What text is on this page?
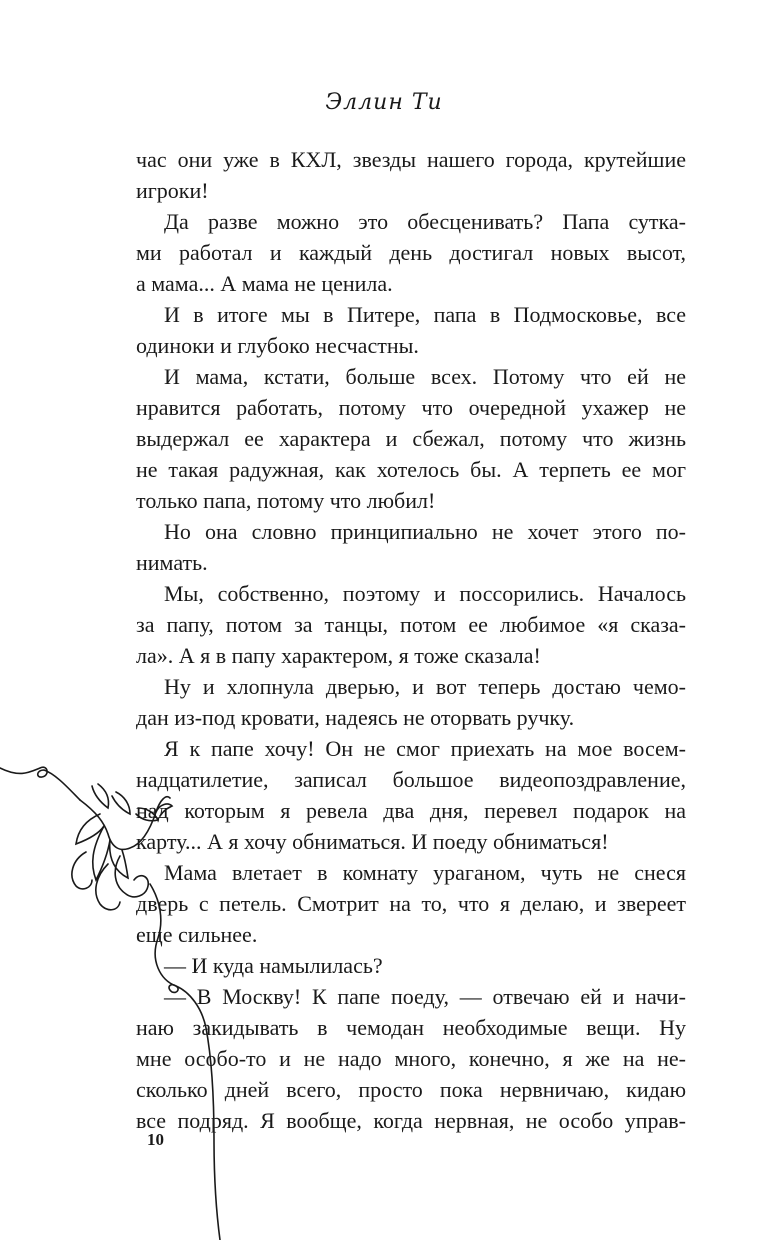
Эллин Ти
час они уже в КХЛ, звезды нашего города, крутейшие
игроки!
Да разве можно это обесценивать? Папа сутка-
ми работал и каждый день достигал новых высот,
а мама... А мама не ценила.
И в итоге мы в Питере, папа в Подмосковье, все
одиноки и глубоко несчастны.
И мама, кстати, больше всех. Потому что ей не
нравится работать, потому что очередной ухажер не
выдержал ее характера и сбежал, потому что жизнь
не такая радужная, как хотелось бы. А терпеть ее мог
только папа, потому что любил!
Но она словно принципиально не хочет этого по-
нимать.
Мы, собственно, поэтому и поссорились. Началось
за папу, потом за танцы, потом ее любимое «я сказа-
ла». А я в папу характером, я тоже сказала!
Ну и хлопнула дверью, и вот теперь достаю чемо-
дан из-под кровати, надеясь не оторвать ручку.
Я к папе хочу! Он не смог приехать на мое восем-
надцатилетие, записал большое видеопоздравление,
над которым я ревела два дня, перевел подарок на
карту... А я хочу обниматься. И поеду обниматься!
Мама влетает в комнату ураганом, чуть не снеся
дверь с петель. Смотрит на то, что я делаю, и звереет
еще сильнее.
— И куда намылилась?
— В Москву! К папе поеду, — отвечаю ей и начи-
наю закидывать в чемодан необходимые вещи. Ну
мне особо-то и не надо много, конечно, я же на не-
сколько дней всего, просто пока нервничаю, кидаю
все подряд. Я вообще, когда нервная, не особо управ-
10
